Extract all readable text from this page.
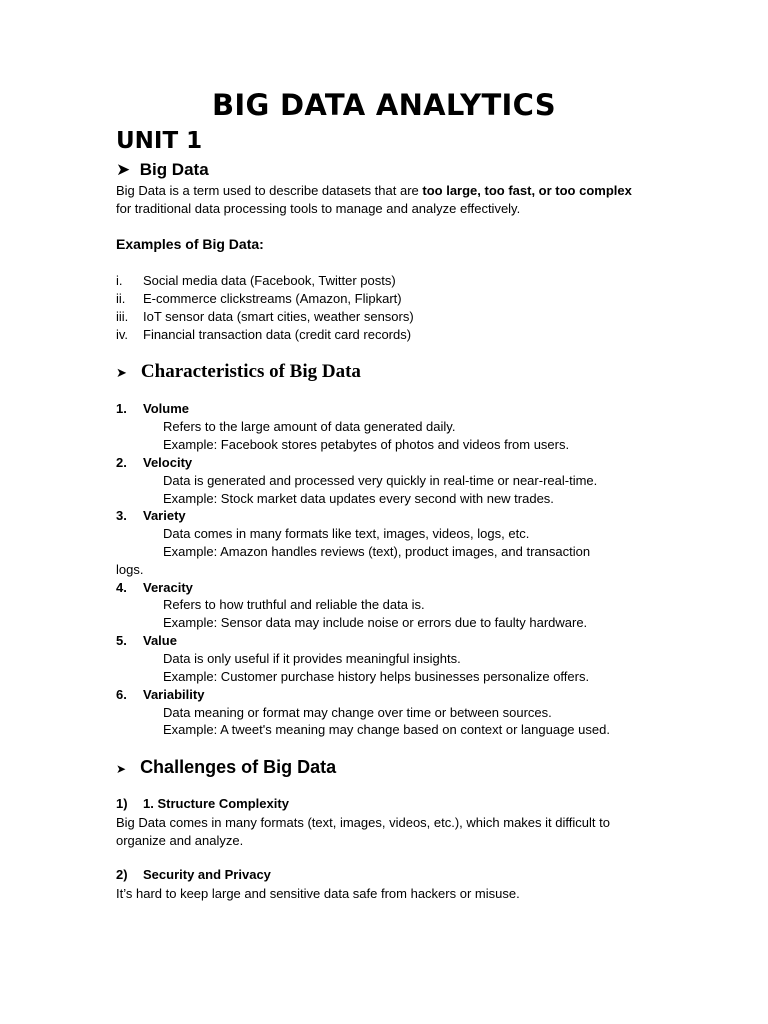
BIG DATA ANALYTICS
UNIT 1
➤ Big Data
Big Data is a term used to describe datasets that are too large, too fast, or too complex for traditional data processing tools to manage and analyze effectively.
Examples of Big Data:
i. Social media data (Facebook, Twitter posts)
ii. E-commerce clickstreams (Amazon, Flipkart)
iii. IoT sensor data (smart cities, weather sensors)
iv. Financial transaction data (credit card records)
➤ Characteristics of Big Data
1. Volume
Refers to the large amount of data generated daily.
Example: Facebook stores petabytes of photos and videos from users.
2. Velocity
Data is generated and processed very quickly in real-time or near-real-time.
Example: Stock market data updates every second with new trades.
3. Variety
Data comes in many formats like text, images, videos, logs, etc.
Example: Amazon handles reviews (text), product images, and transaction
logs.
4. Veracity
Refers to how truthful and reliable the data is.
Example: Sensor data may include noise or errors due to faulty hardware.
5. Value
Data is only useful if it provides meaningful insights.
Example: Customer purchase history helps businesses personalize offers.
6. Variability
Data meaning or format may change over time or between sources.
Example: A tweet's meaning may change based on context or language used.
➤ Challenges of Big Data
1) 1. Structure Complexity
Big Data comes in many formats (text, images, videos, etc.), which makes it difficult to organize and analyze.
2) Security and Privacy
It’s hard to keep large and sensitive data safe from hackers or misuse.
